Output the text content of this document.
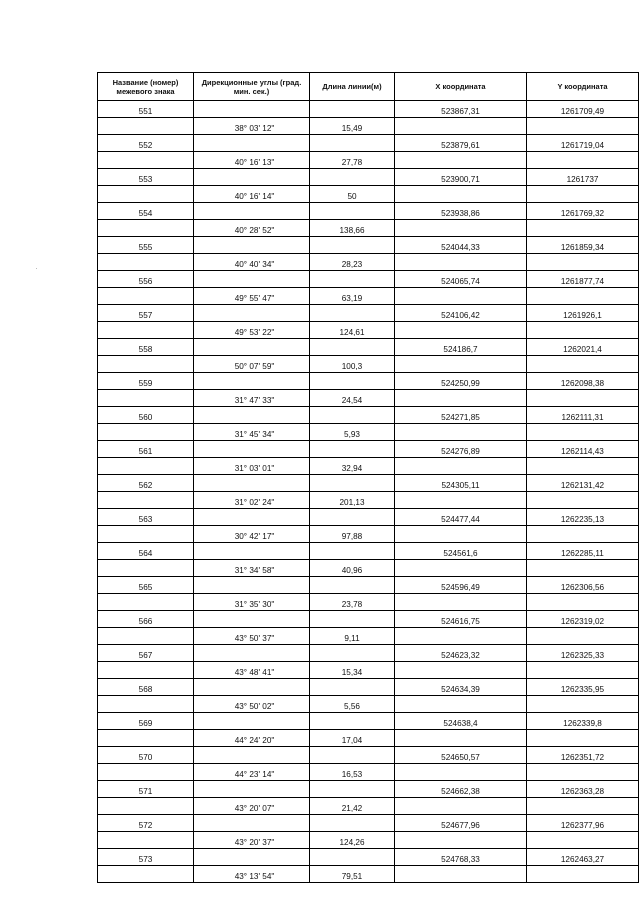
Название (номер) межевого знака	Дирекционные углы (град. мин. сек.)	Длина линии(м)	X координата	Y координата
551			523867,31	1261709,49
	38° 03' 12"	15,49		
552			523879,61	1261719,04
	40° 16' 13"	27,78		
553			523900,71	1261737
	40° 16' 14"	50		
554			523938,86	1261769,32
	40° 28' 52"	138,66		
555			524044,33	1261859,34
	40° 40' 34"	28,23		
556			524065,74	1261877,74
	49° 55' 47"	63,19		
557			524106,42	1261926,1
	49° 53' 22"	124,61		
558			524186,7	1262021,4
	50° 07' 59"	100,3		
559			524250,99	1262098,38
	31° 47' 33"	24,54		
560			524271,85	1262111,31
	31° 45' 34"	5,93		
561			524276,89	1262114,43
	31° 03' 01"	32,94		
562			524305,11	1262131,42
	31° 02' 24"	201,13		
563			524477,44	1262235,13
	30° 42' 17"	97,88		
564			524561,6	1262285,11
	31° 34' 58"	40,96		
565			524596,49	1262306,56
	31° 35' 30"	23,78		
566			524616,75	1262319,02
	43° 50' 37"	9,11		
567			524623,32	1262325,33
	43° 48' 41"	15,34		
568			524634,39	1262335,95
	43° 50' 02"	5,56		
569			524638,4	1262339,8
	44° 24' 20"	17,04		
570			524650,57	1262351,72
	44° 23' 14"	16,53		
571			524662,38	1262363,28
	43° 20' 07"	21,42		
572			524677,96	1262377,96
	43° 20' 37"	124,26		
573			524768,33	1262463,27
	43° 13' 54"	79,51		
